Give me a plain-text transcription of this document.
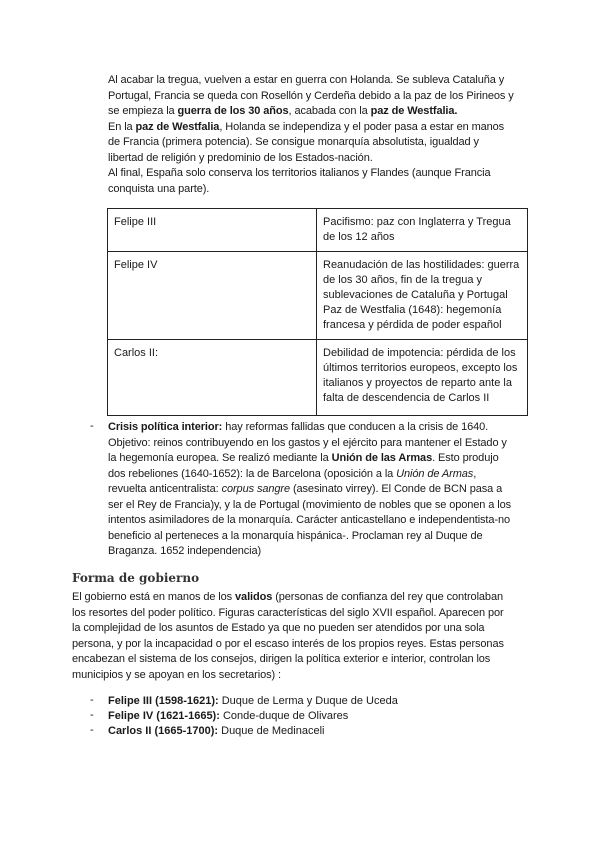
Al acabar la tregua, vuelven a estar en guerra con Holanda. Se subleva Cataluña y
Portugal, Francia se queda con Rosellón y Cerdeña debido a la paz de los Pirineos y
se empieza la guerra de los 30 años, acabada con la paz de Westfalia.
En la paz de Westfalia, Holanda se independiza y el poder pasa a estar en manos
de Francia (primera potencia). Se consigue monarquía absolutista, igualdad y
libertad de religión y predominio de los Estados-nación.
Al final, España solo conserva los territorios italianos y Flandes (aunque Francia
conquista una parte).
Felipe III	Pacifismo: paz con Inglaterra y Tregua de los 12 años
Felipe IV	Reanudación de las hostilidades: guerra de los 30 años, fin de la tregua y sublevaciones de Cataluña y Portugal Paz de Westfalia (1648): hegemonía francesa y pérdida de poder español
Carlos II:	Debilidad de impotencia: pérdida de los últimos territorios europeos, excepto los italianos y proyectos de reparto ante la falta de descendencia de Carlos II
- Crisis política interior: hay reformas fallidas que conducen a la crisis de 1640.
Objetivo: reinos contribuyendo en los gastos y el ejército para mantener el Estado y
la hegemonía europea. Se realizó mediante la Unión de las Armas. Esto produjo
dos rebeliones (1640-1652): la de Barcelona (oposición a la Unión de Armas,
revuelta anticentralista: corpus sangre (asesinato virrey). El Conde de BCN pasa a
ser el Rey de Francia)y, y la de Portugal (movimiento de nobles que se oponen a los
intentos asimiladores de la monarquía. Carácter anticastellano e independentista-no
beneficio al perteneces a la monarquía hispánica-. Proclaman rey al Duque de
Braganza. 1652 independencia)
Forma de gobierno
El gobierno está en manos de los validos (personas de confianza del rey que controlaban
los resortes del poder político. Figuras características del siglo XVII español. Aparecen por
la complejidad de los asuntos de Estado ya que no pueden ser atendidos por una sola
persona, y por la incapacidad o por el escaso interés de los propios reyes. Estas personas
encabezan el sistema de los consejos, dirigen la política exterior e interior, controlan los
municipios y se apoyan en los secretarios) :
- Felipe III (1598-1621): Duque de Lerma y Duque de Uceda
- Felipe IV (1621-1665): Conde-duque de Olivares
- Carlos II (1665-1700): Duque de Medinaceli
